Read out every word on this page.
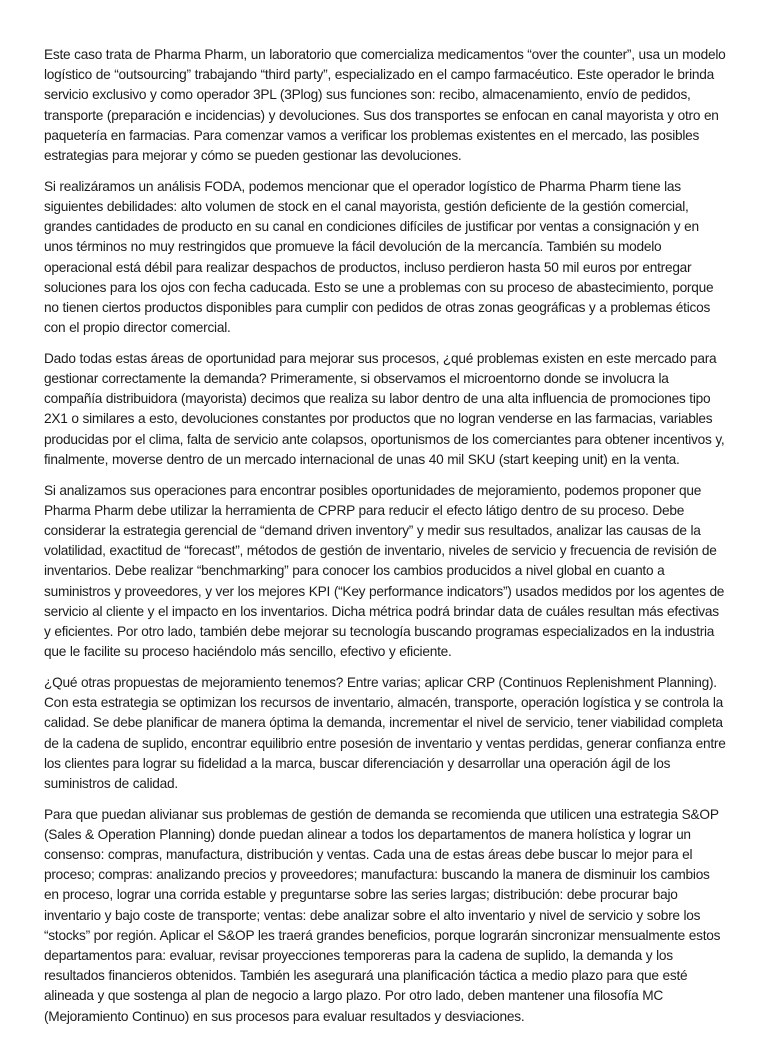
Este caso trata de Pharma Pharm, un laboratorio que comercializa medicamentos “over the counter”, usa un modelo logístico de “outsourcing” trabajando “third party”, especializado en el campo farmacéutico. Este operador le brinda servicio exclusivo y como operador 3PL (3Plog) sus funciones son: recibo, almacenamiento, envío de pedidos, transporte (preparación e incidencias) y devoluciones. Sus dos transportes se enfocan en canal mayorista y otro en paquetería en farmacias. Para comenzar vamos a verificar los problemas existentes en el mercado, las posibles estrategias para mejorar y cómo se pueden gestionar las devoluciones.

Si realizáramos un análisis FODA, podemos mencionar que el operador logístico de Pharma Pharm tiene las siguientes debilidades: alto volumen de stock en el canal mayorista, gestión deficiente de la gestión comercial, grandes cantidades de producto en su canal en condiciones difíciles de justificar por ventas a consignación y en unos términos no muy restringidos que promueve la fácil devolución de la mercancía. También su modelo operacional está débil para realizar despachos de productos, incluso perdieron hasta 50 mil euros por entregar soluciones para los ojos con fecha caducada. Esto se une a problemas con su proceso de abastecimiento, porque no tienen ciertos productos disponibles para cumplir con pedidos de otras zonas geográficas y a problemas éticos con el propio director comercial.

Dado todas estas áreas de oportunidad para mejorar sus procesos, ¿qué problemas existen en este mercado para gestionar correctamente la demanda? Primeramente, si observamos el microentorno donde se involucra la compañía distribuidora (mayorista) decimos que realiza su labor dentro de una alta influencia de promociones tipo 2X1 o similares a esto, devoluciones constantes por productos que no logran venderse en las farmacias, variables producidas por el clima, falta de servicio ante colapsos, oportunismos de los comerciantes para obtener incentivos y, finalmente, moverse dentro de un mercado internacional de unas 40 mil SKU (start keeping unit) en la venta.

Si analizamos sus operaciones para encontrar posibles oportunidades de mejoramiento, podemos proponer que Pharma Pharm debe utilizar la herramienta de CPRP para reducir el efecto látigo dentro de su proceso. Debe considerar la estrategia gerencial de “demand driven inventory” y medir sus resultados, analizar las causas de la volatilidad, exactitud de “forecast”, métodos de gestión de inventario, niveles de servicio y frecuencia de revisión de inventarios. Debe realizar “benchmarking” para conocer los cambios producidos a nivel global en cuanto a suministros y proveedores, y ver los mejores KPI (“Key performance indicators”) usados medidos por los agentes de servicio al cliente y el impacto en los inventarios. Dicha métrica podrá brindar data de cuáles resultan más efectivas y eficientes. Por otro lado, también debe mejorar su tecnología buscando programas especializados en la industria que le facilite su proceso haciéndolo más sencillo, efectivo y eficiente.

¿Qué otras propuestas de mejoramiento tenemos? Entre varias; aplicar CRP (Continuos Replenishment Planning). Con esta estrategia se optimizan los recursos de inventario, almacén, transporte, operación logística y se controla la calidad. Se debe planificar de manera óptima la demanda, incrementar el nivel de servicio, tener viabilidad completa de la cadena de suplido, encontrar equilibrio entre posesión de inventario y ventas perdidas, generar confianza entre los clientes para lograr su fidelidad a la marca, buscar diferenciación y desarrollar una operación ágil de los suministros de calidad.

Para que puedan alivianar sus problemas de gestión de demanda se recomienda que utilicen una estrategia S&OP (Sales & Operation Planning) donde puedan alinear a todos los departamentos de manera holística y lograr un consenso: compras, manufactura, distribución y ventas. Cada una de estas áreas debe buscar lo mejor para el proceso; compras: analizando precios y proveedores; manufactura: buscando la manera de disminuir los cambios en proceso, lograr una corrida estable y preguntarse sobre las series largas; distribución: debe procurar bajo inventario y bajo coste de transporte; ventas: debe analizar sobre el alto inventario y nivel de servicio y sobre los “stocks” por región. Aplicar el S&OP les traerá grandes beneficios, porque lograrán sincronizar mensualmente estos departamentos para: evaluar, revisar proyecciones temporeras para la cadena de suplido, la demanda y los resultados financieros obtenidos. También les asegurará una planificación táctica a medio plazo para que esté alineada y que sostenga al plan de negocio a largo plazo. Por otro lado, deben mantener una filosofía MC (Mejoramiento Continuo) en sus procesos para evaluar resultados y desviaciones.
